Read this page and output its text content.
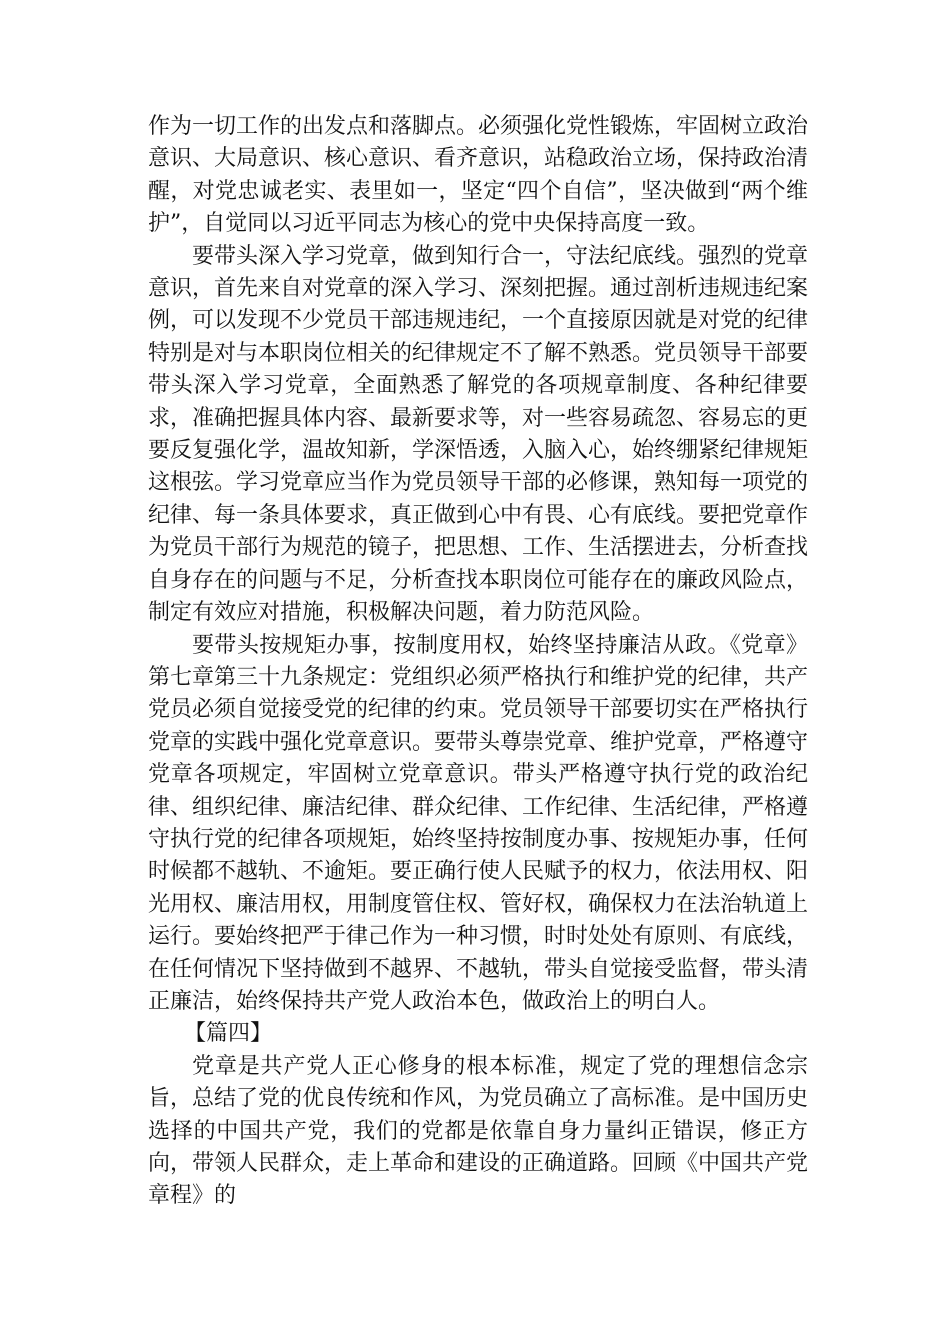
作为一切工作的出发点和落脚点。必须强化党性锻炼，牢固树立政治意识、大局意识、核心意识、看齐意识，站稳政治立场，保持政治清醒，对党忠诚老实、表里如一，坚定“四个自信”，坚决做到“两个维护”，自觉同以习近平同志为核心的党中央保持高度一致。

要带头深入学习党章，做到知行合一，守法纪底线。强烈的党章意识，首先来自对党章的深入学习、深刻把握。通过剖析违规违纪案例，可以发现不少党员干部违规违纪，一个直接原因就是对党的纪律特别是对与本职岗位相关的纪律规定不了解不熟悉。党员领导干部要带头深入学习党章，全面熟悉了解党的各项规章制度、各种纪律要求，准确把握具体内容、最新要求等，对一些容易疏忽、容易忘的更要反复强化学，温故知新，学深悟透，入脑入心，始终绷紧纪律规矩这根弦。学习党章应当作为党员领导干部的必修课，熟知每一项党的纪律、每一条具体要求，真正做到心中有畏、心有底线。要把党章作为党员干部行为规范的镜子，把思想、工作、生活摆进去，分析查找自身存在的问题与不足，分析查找本职岗位可能存在的廉政风险点，制定有效应对措施，积极解决问题，着力防范风险。

要带头按规矩办事，按制度用权，始终坚持廉洁从政。《党章》第七章第三十九条规定：党组织必须严格执行和维护党的纪律，共产党员必须自觉接受党的纪律的约束。党员领导干部要切实在严格执行党章的实践中强化党章意识。要带头尊崇党章、维护党章，严格遵守党章各项规定，牢固树立党章意识。带头严格遵守执行党的政治纪律、组织纪律、廉洁纪律、群众纪律、工作纪律、生活纪律，严格遵守执行党的纪律各项规矩，始终坚持按制度办事、按规矩办事，任何时候都不越轨、不逾矩。要正确行使人民赋予的权力，依法用权、阳光用权、廉洁用权，用制度管住权、管好权，确保权力在法治轨道上运行。要始终把严于律己作为一种习惯，时时处处有原则、有底线，在任何情况下坚持做到不越界、不越轨，带头自觉接受监督，带头清正廉洁，始终保持共产党人政治本色，做政治上的明白人。

【篇四】

党章是共产党人正心修身的根本标准，规定了党的理想信念宗旨，总结了党的优良传统和作风，为党员确立了高标准。是中国历史选择的中国共产党，我们的党都是依靠自身力量纠正错误，修正方向，带领人民群众，走上革命和建设的正确道路。回顾《中国共产党章程》的
